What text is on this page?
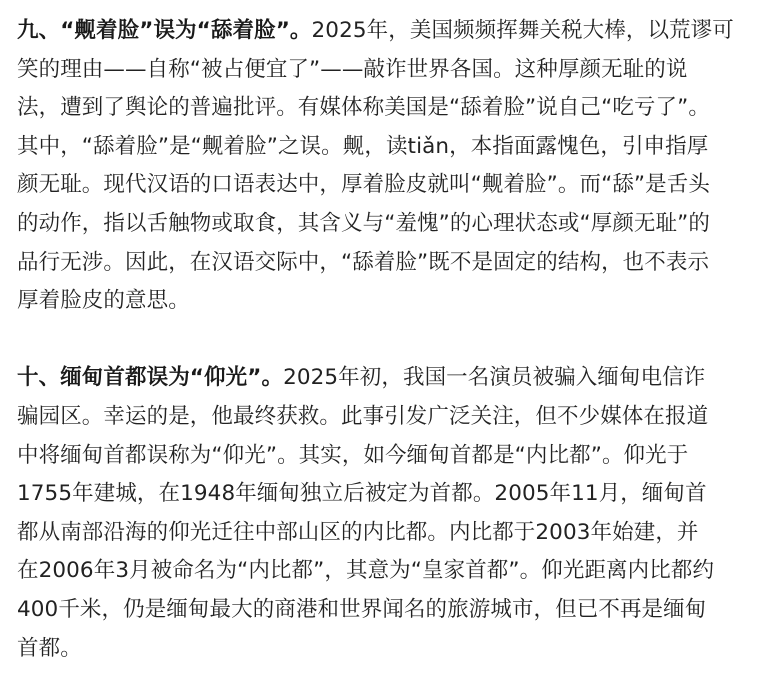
九、“觍着脸”误为“舔着脸”。2025年，美国频频挥舞关税大棒，以荒谬可
笑的理由——自称“被占便宜了”——敲诈世界各国。这种厚颜无耻的说
法，遭到了舆论的普遍批评。有媒体称美国是“舔着脸”说自己“吃亏了”。
其中，“舔着脸”是“觍着脸”之误。觍，读tiǎn，本指面露愧色，引申指厚
颜无耻。现代汉语的口语表达中，厚着脸皮就叫“觍着脸”。而“舔”是舌头
的动作，指以舌触物或取食，其含义与“羞愧”的心理状态或“厚颜无耻”的
品行无涉。因此，在汉语交际中，“舔着脸”既不是固定的结构，也不表示
厚着脸皮的意思。
十、缅甸首都误为“仰光”。2025年初，我国一名演员被骗入缅甸电信诈
骗园区。幸运的是，他最终获救。此事引发广泛关注，但不少媒体在报道
中将缅甸首都误称为“仰光”。其实，如今缅甸首都是“内比都”。仰光于
1755年建城，在1948年缅甸独立后被定为首都。2005年11月，缅甸首
都从南部沿海的仰光迁往中部山区的内比都。内比都于2003年始建，并
在2006年3月被命名为“内比都”，其意为“皇家首都”。仰光距离内比都约
400千米，仍是缅甸最大的商港和世界闻名的旅游城市，但已不再是缅甸
首都。
